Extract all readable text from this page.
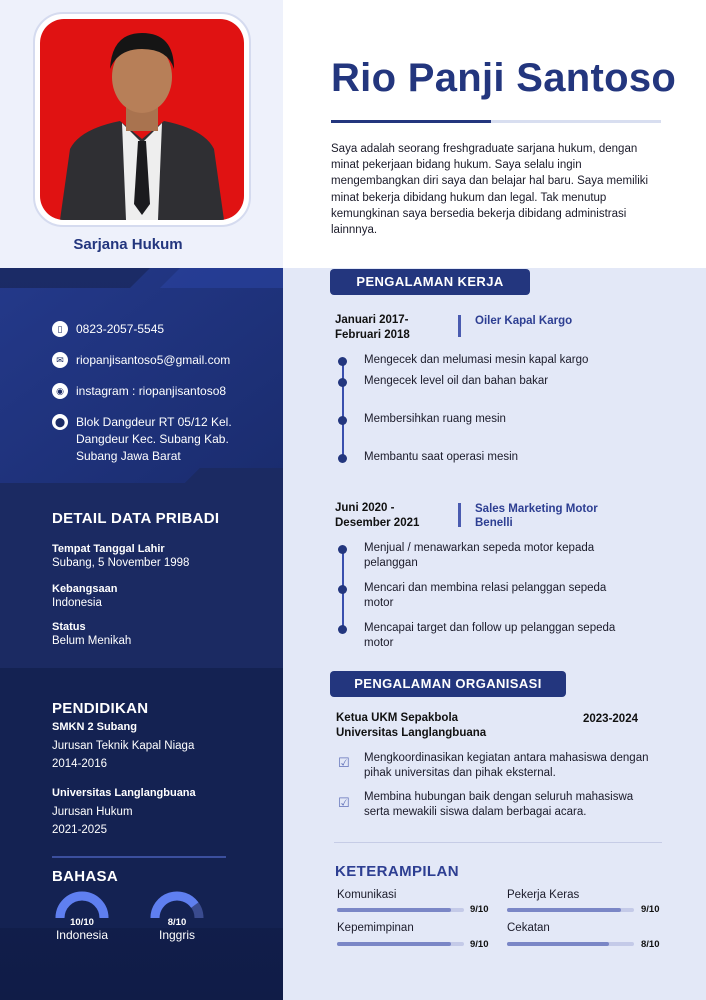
Sarjana Hukum
▯	0823-2057-5545
✉	riopanjisantoso5@gmail.com
◉	instagram : riopanjisantoso8
⬤ Blok Dangdeur RT 05/12 Kel.
Dangdeur Kec. Subang Kab.
Subang Jawa Barat
DETAIL DATA PRIBADI
Tempat Tanggal Lahir
Subang, 5 November 1998
Kebangsaan
Indonesia
Status
Belum Menikah
PENDIDIKAN
SMKN 2 Subang
Jurusan Teknik Kapal Niaga
2014-2016
Universitas Langlangbuana
Jurusan Hukum
2021-2025
BAHASA
10/10
Indonesia
8/10
Inggris
Rio Panji Santoso
Saya adalah seorang freshgraduate sarjana hukum, dengan minat pekerjaan bidang hukum. Saya selalu ingin mengembangkan diri saya dan belajar hal baru. Saya memiliki minat bekerja dibidang hukum dan legal. Tak menutup kemungkinan saya bersedia bekerja dibidang administrasi lainnnya.
PENGALAMAN KERJA
Januari 2017-
Februari 2018
Oiler Kapal Kargo
Mengecek dan melumasi mesin kapal kargo
Mengecek level oil dan bahan bakar
Membersihkan ruang mesin
Membantu saat operasi mesin
Juni 2020 -
Desember 2021
Sales Marketing Motor
Benelli
Menjual / menawarkan sepeda motor kepada
pelanggan
Mencari dan membina relasi pelanggan sepeda
motor
Mencapai target dan follow up pelanggan sepeda
motor
PENGALAMAN ORGANISASI
Ketua UKM Sepakbola
Universitas Langlangbuana
2023-2024
☑ Mengkoordinasikan kegiatan antara mahasiswa dengan
pihak universitas dan pihak eksternal.
☑ Membina hubungan baik dengan seluruh mahasiswa
serta mewakili siswa dalam berbagai acara.
KETERAMPILAN
Komunikasi
9/10
Pekerja Keras
9/10
Kepemimpinan
9/10
Cekatan
8/10
